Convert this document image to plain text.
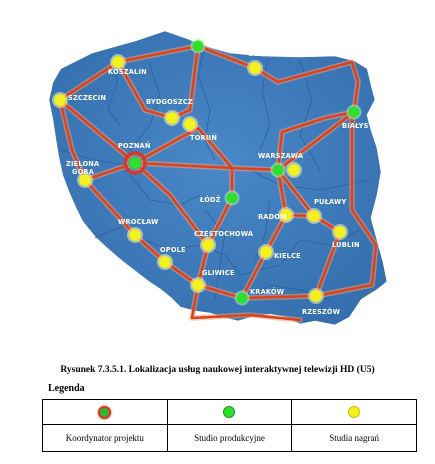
GDAŃSK
KOSZALIN
OLSZTYN
SZCZECIN	BYDGOSZCZ
TORUŃ
BIAŁYSTOK
POZNAŃ
WARSZAWA
ZIELONA
GÓRA
ŁÓDŹ
RADOM
PUŁAWY
WROCŁAW
CZĘSTOCHOWA
LUBLIN
KIELCE
OPOLE
GLIWICE
KRAKÓW
RZESZÓW
Rysunek 7.3.5.1. Lokalizacja usług naukowej interaktywnej telewizji HD (U5)
Legenda

Koordynator projektu	Studio produkcyjne	Studia nagrań
